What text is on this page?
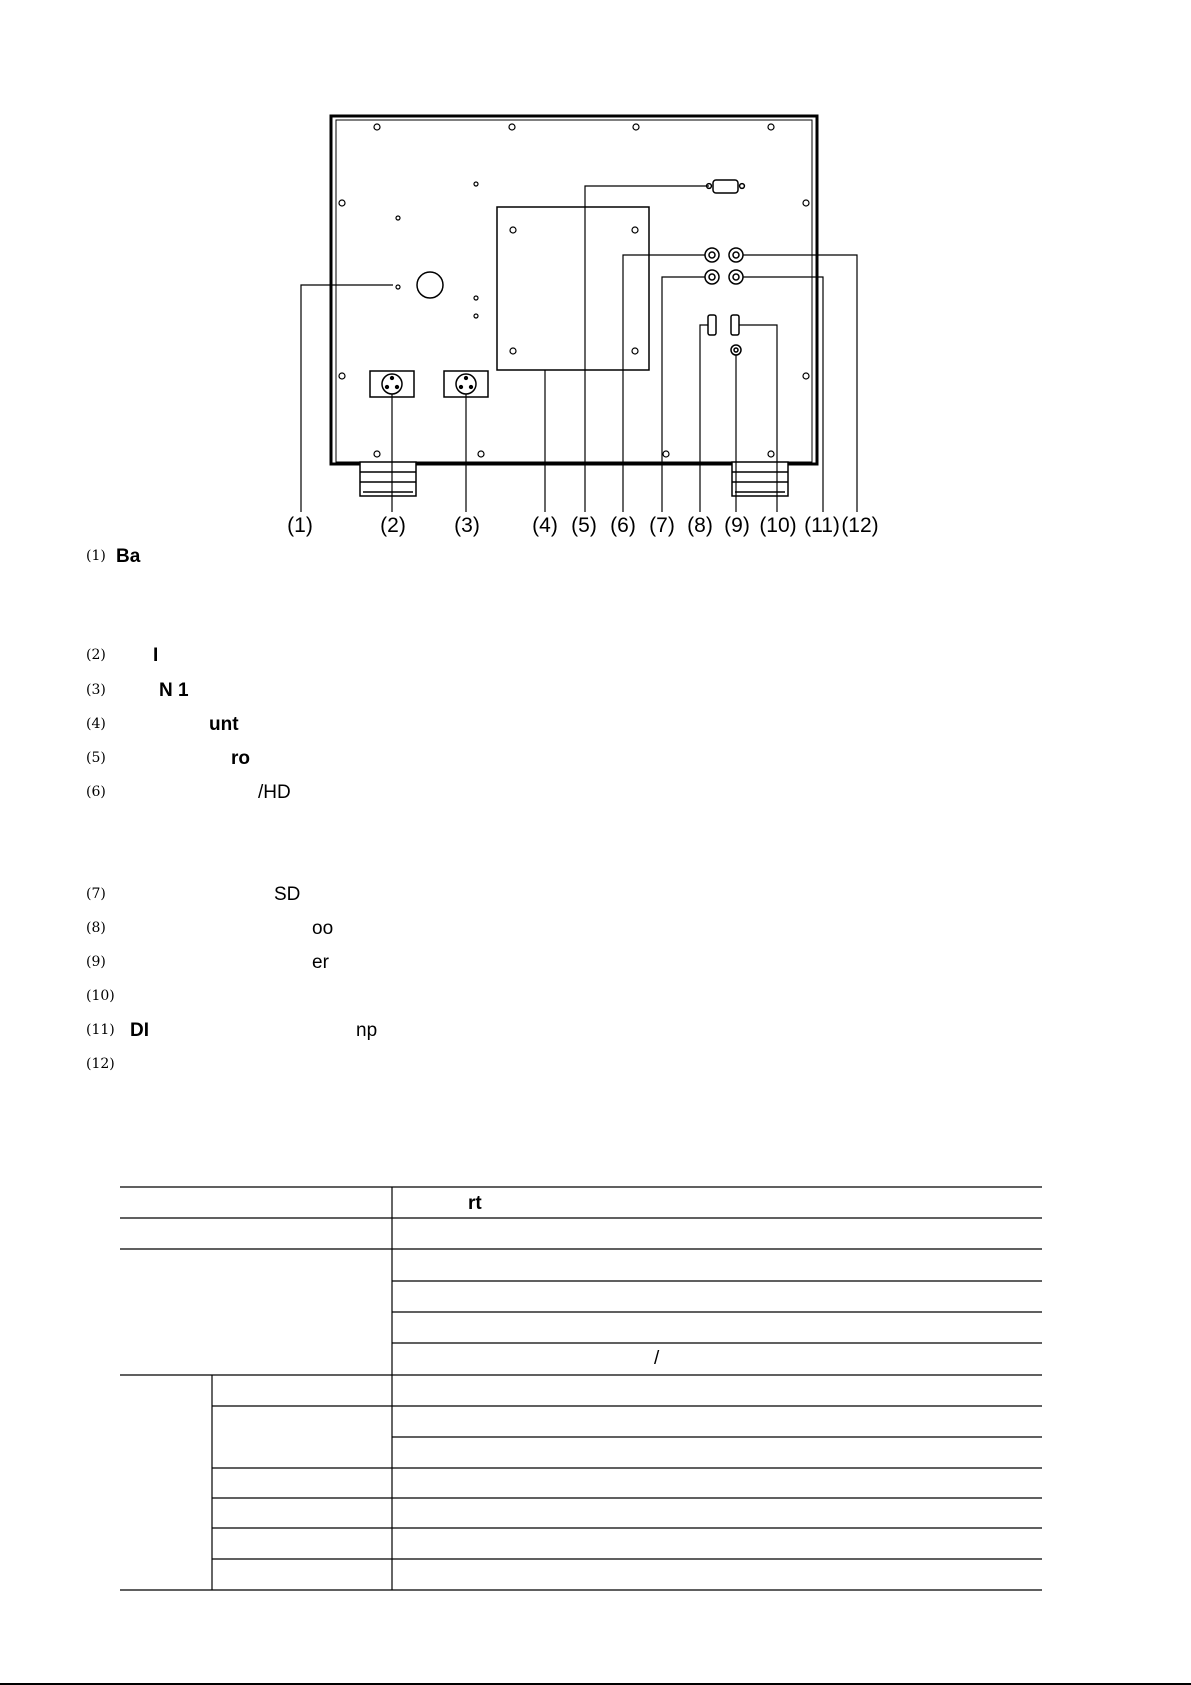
(1)	(2) (3) (4) (5) (6) (7) (8) (9) (10) (11) (12)
(1) Ba
(2) I
(3)	N 1
(4)	unt
(5)	ro
(6)	/HD
(7)	SD
(8)	oo
(9)	er
(10)
(11) DI	np
(12)
rt
/
